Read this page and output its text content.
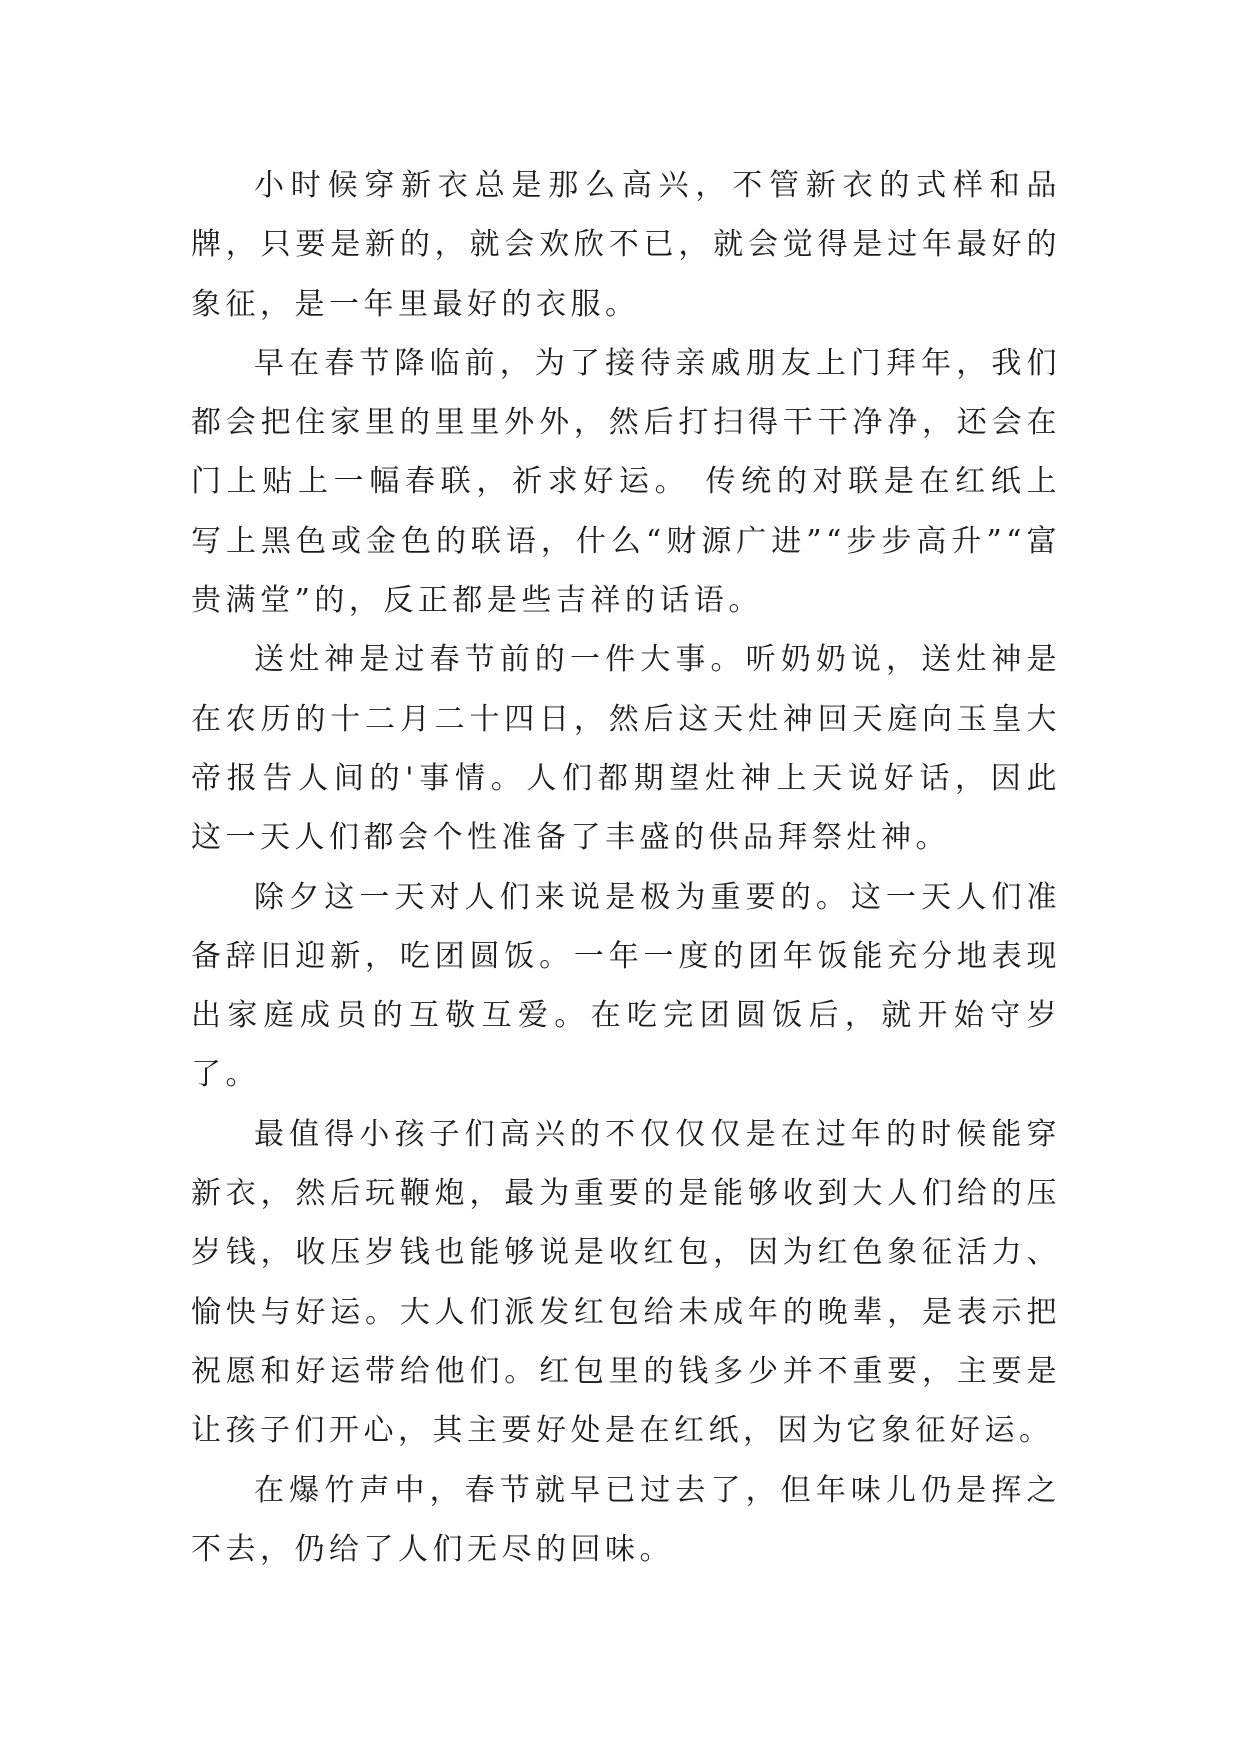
小时候穿新衣总是那么高兴，不管新衣的式样和品牌，只要是新的，就会欢欣不已，就会觉得是过年最好的象征，是一年里最好的衣服。

早在春节降临前，为了接待亲戚朋友上门拜年，我们都会把住家里的里里外外，然后打扫得干干净净，还会在门上贴上一幅春联，祈求好运。 传统的对联是在红纸上写上黑色或金色的联语，什么“财源广进”“步步高升”“富贵满堂”的，反正都是些吉祥的话语。

送灶神是过春节前的一件大事。听奶奶说，送灶神是在农历的十二月二十四日，然后这天灶神回天庭向玉皇大帝报告人间的'事情。人们都期望灶神上天说好话，因此这一天人们都会个性准备了丰盛的供品拜祭灶神。

除夕这一天对人们来说是极为重要的。这一天人们准备辞旧迎新，吃团圆饭。一年一度的团年饭能充分地表现出家庭成员的互敬互爱。在吃完团圆饭后，就开始守岁了。

最值得小孩子们高兴的不仅仅仅是在过年的时候能穿新衣，然后玩鞭炮，最为重要的是能够收到大人们给的压岁钱，收压岁钱也能够说是收红包，因为红色象征活力、愉快与好运。大人们派发红包给未成年的晚辈，是表示把祝愿和好运带给他们。红包里的钱多少并不重要，主要是让孩子们开心，其主要好处是在红纸，因为它象征好运。

在爆竹声中，春节就早已过去了，但年味儿仍是挥之不去，仍给了人们无尽的回味。
